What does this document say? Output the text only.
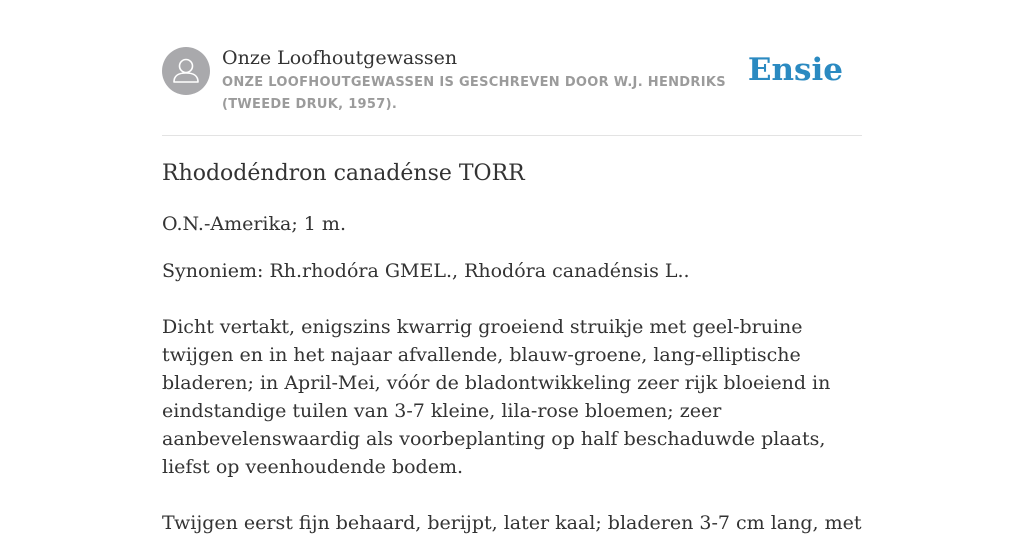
Onze Loofhoutgewassen
ONZE LOOFHOUTGEWASSEN IS GESCHREVEN DOOR W.J. HENDRIKS (TWEEDE DRUK, 1957).
Ensie
Rhododéndron canadénse TORR

O.N.-Amerika; 1 m.

Synoniem: Rh.rhodóra GMEL., Rhodóra canadénsis L..

Dicht vertakt, enigszins kwarrig groeiend struikje met geel-bruine twijgen en in het najaar afvallende, blauw-groene, lang-elliptische bladeren; in April-Mei, vóór de bladontwikkeling zeer rijk bloeiend in eindstandige tuilen van 3-7 kleine, lila-rose bloemen; zeer aanbevelenswaardig als voorbeplanting op half beschaduwde plaats, liefst op veenhoudende bodem.

Twijgen eerst fijn behaard, berijpt, later kaal; bladeren 3-7 cm lang, met
